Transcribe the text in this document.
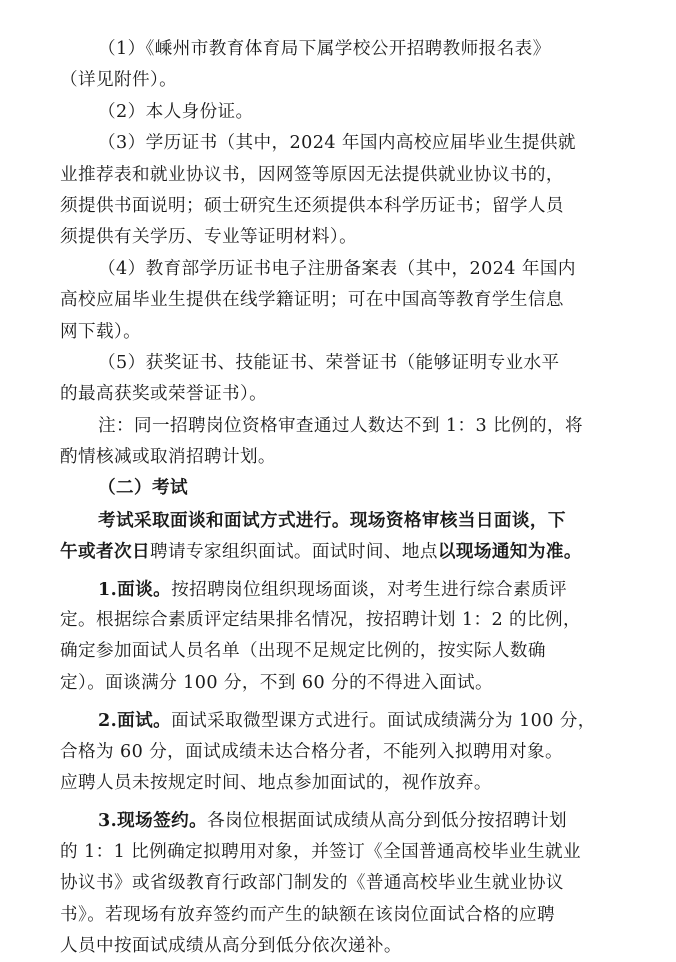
（1）《嵊州市教育体育局下属学校公开招聘教师报名表》
（详见附件）。
（2）本人身份证。
（3）学历证书（其中，2024 年国内高校应届毕业生提供就
业推荐表和就业协议书，因网签等原因无法提供就业协议书的，
须提供书面说明；硕士研究生还须提供本科学历证书；留学人员
须提供有关学历、专业等证明材料）。
（4）教育部学历证书电子注册备案表（其中，2024 年国内
高校应届毕业生提供在线学籍证明；可在中国高等教育学生信息
网下载）。
（5）获奖证书、技能证书、荣誉证书（能够证明专业水平
的最高获奖或荣誉证书）。
注：同一招聘岗位资格审查通过人数达不到 1：3 比例的，将
酌情核减或取消招聘计划。
（二）考试
考试采取面谈和面试方式进行。现场资格审核当日面谈，下
午或者次日聘请专家组织面试。面试时间、地点以现场通知为准。
1.面谈。按招聘岗位组织现场面谈，对考生进行综合素质评
定。根据综合素质评定结果排名情况，按招聘计划 1：2 的比例，
确定参加面试人员名单（出现不足规定比例的，按实际人数确
定）。面谈满分 100 分，不到 60 分的不得进入面试。
2.面试。面试采取微型课方式进行。面试成绩满分为 100 分，
合格为 60 分，面试成绩未达合格分者，不能列入拟聘用对象。
应聘人员未按规定时间、地点参加面试的，视作放弃。
3.现场签约。各岗位根据面试成绩从高分到低分按招聘计划
的 1：1 比例确定拟聘用对象，并签订《全国普通高校毕业生就业
协议书》或省级教育行政部门制发的《普通高校毕业生就业协议
书》。若现场有放弃签约而产生的缺额在该岗位面试合格的应聘
人员中按面试成绩从高分到低分依次递补。
